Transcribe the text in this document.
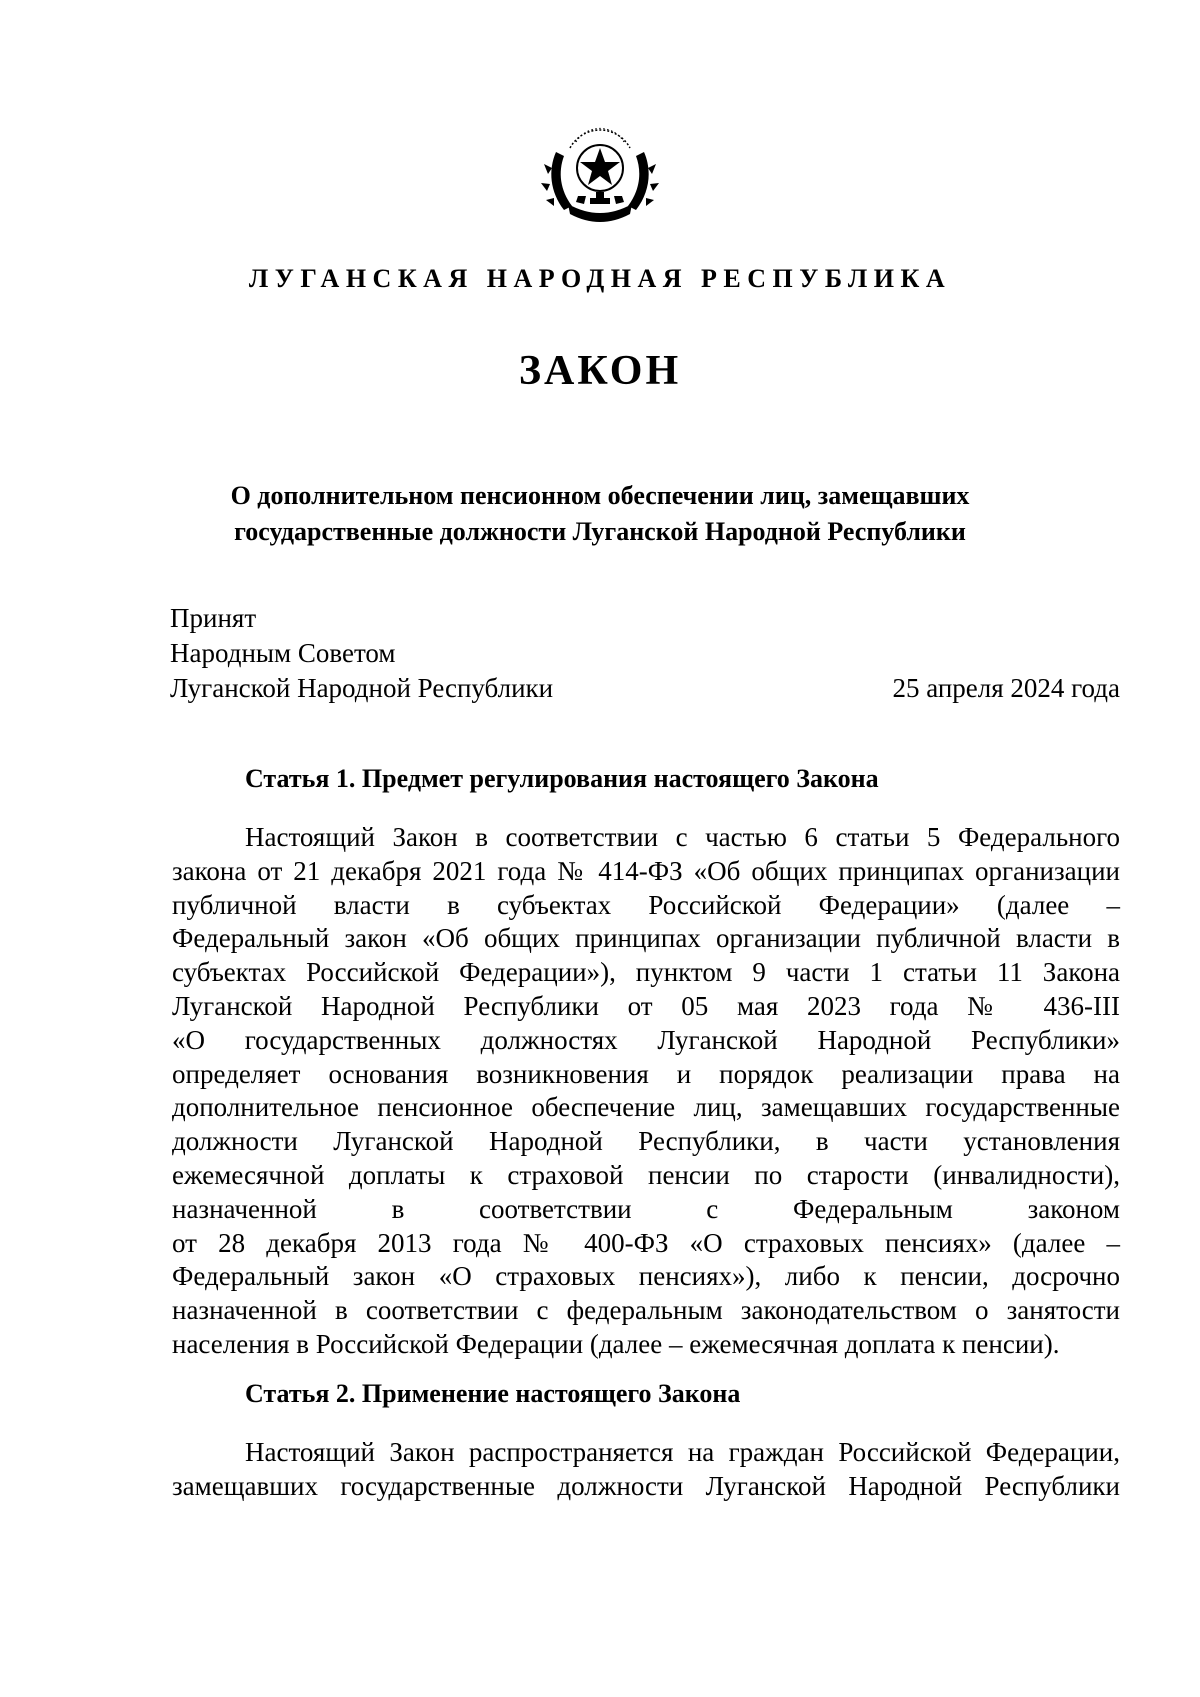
ЛУГАНСКАЯ НАРОДНАЯ РЕСПУБЛИКА
ЗАКОН
О дополнительном пенсионном обеспечении лиц, замещавших
государственные должности Луганской Народной Республики
Принят
Народным Советом
Луганской Народной Республики	25 апреля 2024 года
Статья 1. Предмет регулирования настоящего Закона
Настоящий Закон в соответствии с частью 6 статьи 5 Федерального
закона от 21 декабря 2021 года № 414-ФЗ «Об общих принципах организации
публичной власти в субъектах Российской Федерации» (далее –
Федеральный закон «Об общих принципах организации публичной власти в
субъектах Российской Федерации»), пунктом 9 части 1 статьи 11 Закона
Луганской Народной Республики от 05 мая 2023 года № 436-III
«О государственных должностях Луганской Народной Республики»
определяет основания возникновения и порядок реализации права на
дополнительное пенсионное обеспечение лиц, замещавших государственные
должности Луганской Народной Республики, в части установления
ежемесячной доплаты к страховой пенсии по старости (инвалидности),
назначенной в соответствии с Федеральным законом
от 28 декабря 2013 года № 400-ФЗ «О страховых пенсиях» (далее –
Федеральный закон «О страховых пенсиях»), либо к пенсии, досрочно
назначенной в соответствии с федеральным законодательством о занятости
населения в Российской Федерации (далее – ежемесячная доплата к пенсии).
Статья 2. Применение настоящего Закона
Настоящий Закон распространяется на граждан Российской Федерации,
замещавших государственные должности Луганской Народной Республики
